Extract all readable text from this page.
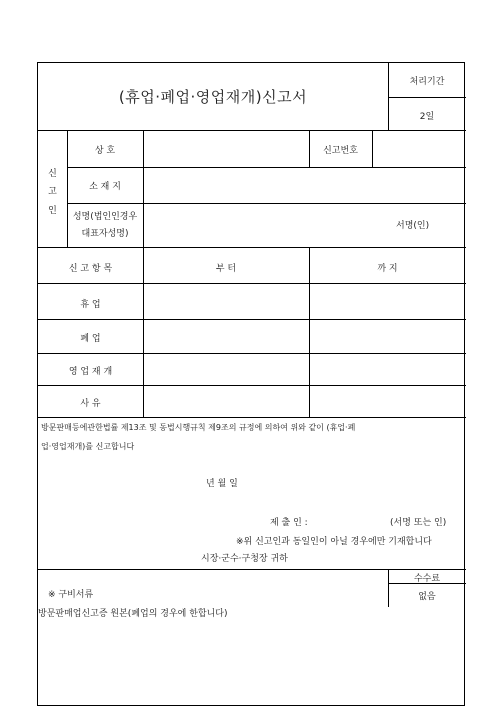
(휴업·폐업·영업재개)신고서
처리기간
2일
신
고
인
상 호	신고번호
소 재 지
성명(법인인경우
대표자성명)
서명(인)
신 고 항 목	부 터	까 지
휴 업
폐 업
영 업 재 개
사 유
방문판매등에관한법률 제13조 및 동법시행규칙 제9조의 규정에 의하여 위와 같이 (휴업·폐
업·영업재개)를 신고합니다
년 월 일
제 출 인 :	(서명 또는 인)
※위 신고인과 동일인이 아닐 경우에만 기재합니다
시장·군수·구청장 귀하
※ 구비서류
방문판매업신고증 원본(폐업의 경우에 한합니다)
수수료
없음
